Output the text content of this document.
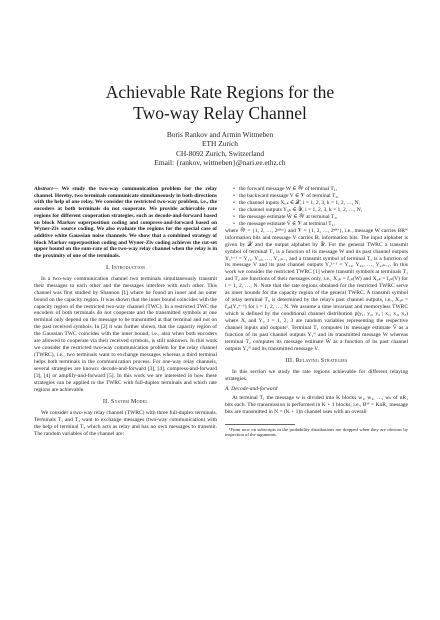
Achievable Rate Regions for the
Two-way Relay Channel
Boris Rankov and Armin Wittneben
ETH Zurich
CH-8092 Zurich, Switzerland
Email: {rankov, wittneben}@nari.ee.ethz.ch
Abstract— We study the two-way communication problem for the relay channel. Hereby, two terminals communicate simultaneously in both directions with the help of one relay. We consider the restricted two-way problem, i.e., the encoders at both terminals do not cooperate. We provide achievable rate regions for different cooperation strategies, such as decode-and-forward based on block Markov superposition coding and compress-and-forward based on Wyner-Ziv source coding. We also evaluate the regions for the special case of additive white Gaussian noise channels. We show that a combined strategy of block Markov superposition coding and Wyner-Ziv coding achieves the cut-set upper bound on the sum-rate of the two-way relay channel when the relay is in the proximity of one of the terminals.
I. Introduction

In a two-way communication channel two terminals simultaneously transmit their messages to each other and the messages interfere with each other. This channel was first studied by Shannon [1] where he found an inner and an outer bound on the capacity region. It was shown that the inner bound coincides with the capacity region of the restricted two-way channel (TWC). In a restricted TWC the encoders of both terminals do not cooperate and the transmitted symbols at one terminal only depend on the message to be transmitted at that terminal and not on the past received symbols. In [2] it was further shown, that the capacity region of the Gaussian TWC coincides with the inner bound, i.e., also when both encoders are allowed to cooperate via their received symbols, is still unknown. In this work we consider the restricted two-way communication problem for the relay channel (TWRC), i.e., two terminals want to exchange messages whereas a third terminal helps both terminals in the communication process. For one-way relay channels, several strategies are known: decode-and-forward [3], [4], compress-and-forward [3], [4] or amplify-and-forward [5]. In this work we are interested in how these strategies can be applied to the TWRC with full-duplex terminals and which rate regions are achievable.

II. System Model

We consider a two-way relay channel (TWRC) with three full-duplex terminals. Terminals T₁ and T₂ want to exchange messages (two-way communication) with the help of terminal T₃ which acts as relay and has no own messages to transmit. The random variables of the channel are:

• the forward message W ∈ 𝒲 of terminal T₁,
• the backward message V ∈ 𝒱 of terminal T₂,
• the channel inputs Xᵢ,ₖ ∈ 𝒳, i = 1, 2, 3, k = 1, 2, …, N,
• the channel outputs Yᵢ,ₖ ∈ 𝒴, i = 1, 2, 3, k = 1, 2, …, N,
• the message estimate Ŵ ∈ 𝒲 at terminal T₂,
• the message estimate V̂ ∈ 𝒱 at terminal T₁,

where 𝒲 = {1, 2, …, 2ⁿᴿʷ} and 𝒱 = {1, 2, …, 2ⁿᴿᵛ}, i.e., message W carries BRᵂ information bits and message V carries Bᵥ information bits. The input alphabet is given by 𝒳 and the output alphabet by 𝒴. For the general TWRC a transmit symbol of terminal T₁ is a function of its message W and its past channel outputs Y₁ᵏ⁻¹ = Y₁₁, Y₁₂, …, Y₁,ₖ₋₁ and a transmit symbol of terminal T₂ is a function of its message V and its past channel outputs Y₂ᵏ⁻¹ = Y₂₁, Y₂₂, …, Y₂,ₖ₋₁. In this work we consider the restricted TWRC [1] where transmit symbols at terminals T₁ and T₂ are functions of their messages only, i.e., X₁ₖ = f₁ₖ(W) and X₂ₖ = f₂ₖ(V) for i = 1, 2, …, N. Note that the rate regions obtained for the restricted TWRC serve as inner bounds for the capacity region of the general TWRC. A transmit symbol of relay terminal T₃ is determined by the relay's past channel outputs, i.e., X₃ₖ = f₃ₖ(Y₃ᵏ⁻¹) for i = 1, 2, …, N. We assume a time invariant and memoryless TWRC which is defined by the conditional channel distribution p(y₁, y₂, y₃ | x₁, x₂, x₃) where Xᵢ and Yᵢ, t = 1, 2, 3 are random variables representing the respective channel inputs and outputs¹. Terminal T₁ computes its message estimate V̂ as a function of its past channel outputs Y₁ᴺ and its transmitted message W whereas terminal T₂ computes its message estimate Ŵ as a function of its past channel outputs Y₂ᴺ and its transmitted message V.

III. Relaying Strategies

In this section we study the rate regions achievable for different relaying strategies.

A. Decode-and-forward

At terminal T₁ the message w is divided into K blocks w₁, w₂, …, wₖ of nR₁ bits each. The transmission is performed in K + 1 blocks, i.e., Bᵂ = KnR₁ message bits are transmitted in N = (K + 1)n channel uses with an overall

¹From now on subscripts in the probability distributions are dropped when they are obvious by inspection of the arguments.
